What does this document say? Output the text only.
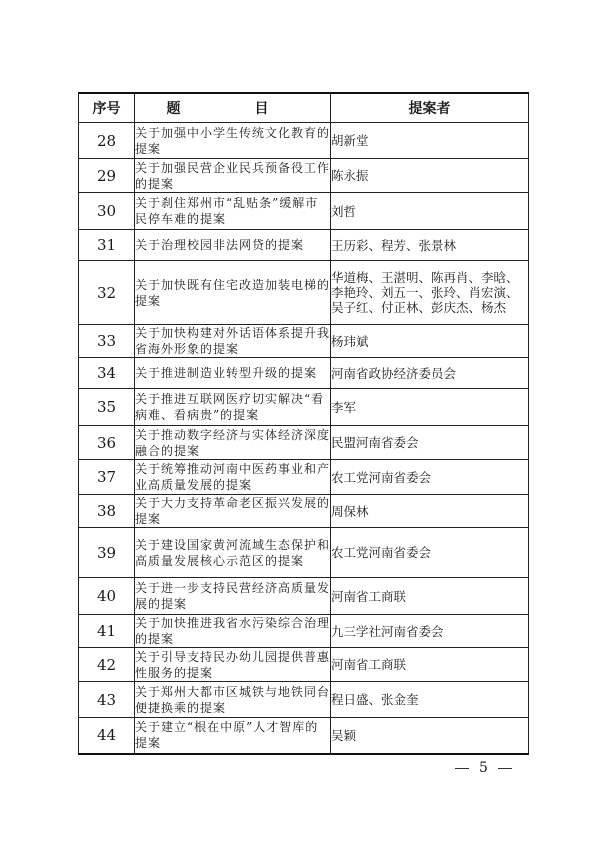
序号	题　目	提案者
28	关于加强中小学生传统文化教育的提案	胡新堂
29	关于加强民营企业民兵预备役工作的提案	陈永振
30	关于刹住郑州市“乱贴条”缓解市民停车难的提案	刘哲
31	关于治理校园非法网贷的提案	王历彩、程芳、张景林
32	关于加快既有住宅改造加装电梯的提案	华道梅、王湛明、陈再肖、李晗、李艳玲、刘五一、张玲、肖宏演、吴子红、付正林、彭庆杰、杨杰
33	关于加快构建对外话语体系提升我省海外形象的提案	杨玮斌
34	关于推进制造业转型升级的提案	河南省政协经济委员会
35	关于推进互联网医疗切实解决“看病难、看病贵”的提案	李军
36	关于推动数字经济与实体经济深度融合的提案	民盟河南省委会
37	关于统筹推动河南中医药事业和产业高质量发展的提案	农工党河南省委会
38	关于大力支持革命老区振兴发展的提案	周保林
39	关于建设国家黄河流域生态保护和高质量发展核心示范区的提案	农工党河南省委会
40	关于进一步支持民营经济高质量发展的提案	河南省工商联
41	关于加快推进我省水污染综合治理的提案	九三学社河南省委会
42	关于引导支持民办幼儿园提供普惠性服务的提案	河南省工商联
43	关于郑州大都市区城铁与地铁同台便捷换乘的提案	程日盛、张金奎
44	关于建立“根在中原”人才智库的提案	吴颖
5
